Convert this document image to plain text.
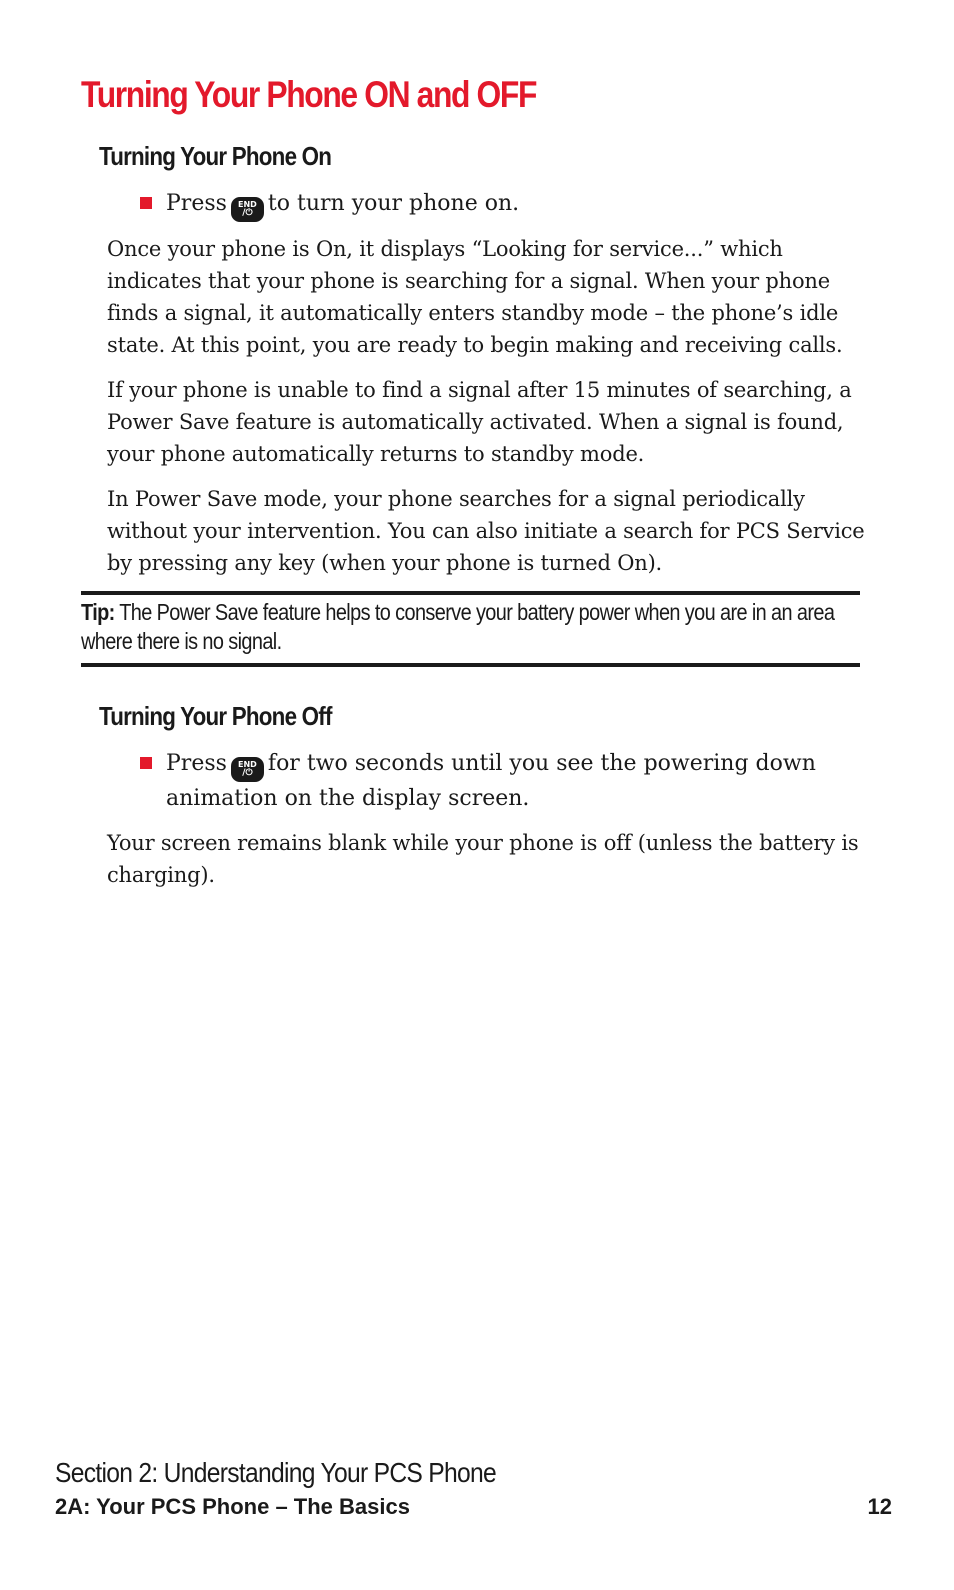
Turning Your Phone ON and OFF
Turning Your Phone On
Press END
/⏻ to turn your phone on.

Once your phone is On, it displays “Looking for service...” which indicates that your phone is searching for a signal. When your phone finds a signal, it automatically enters standby mode – the phone’s idle state. At this point, you are ready to begin making and receiving calls.

If your phone is unable to find a signal after 15 minutes of searching, a Power Save feature is automatically activated. When a signal is found, your phone automatically returns to standby mode.

In Power Save mode, your phone searches for a signal periodically without your intervention. You can also initiate a search for PCS Service by pressing any key (when your phone is turned On).

Tip: The Power Save feature helps to conserve your battery power when you are in an area where there is no signal.
Turning Your Phone Off
Press END
/⏻ for two seconds until you see the powering down animation on the display screen.

Your screen remains blank while your phone is off (unless the battery is charging).

Section 2: Understanding Your PCS Phone
2A: Your PCS Phone – The Basics	12
